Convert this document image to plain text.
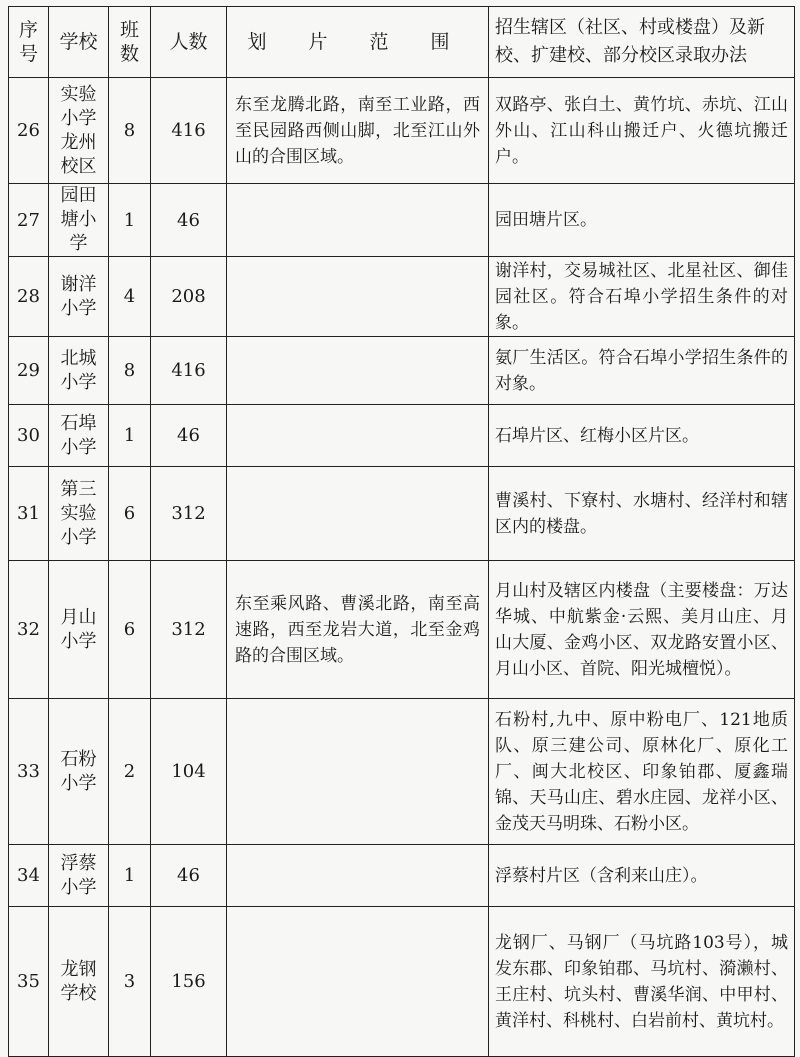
序号	学校	班数	人数	划 片 范 围	招生辖区（社区、村或楼盘）及新校、扩建校、部分校区录取办法
26	实验小学龙州校区	8	416	东至龙腾北路，南至工业路，西至民园路西侧山脚，北至江山外山的合围区域。	双路亭、张白土、黄竹坑、赤坑、江山外山、江山科山搬迁户、火德坑搬迁户。
27	园田塘小学	1	46		园田塘片区。
28	谢洋小学	4	208		谢洋村，交易城社区、北星社区、御佳园社区。符合石埠小学招生条件的对象。
29	北城小学	8	416		氨厂生活区。符合石埠小学招生条件的对象。
30	石埠小学	1	46		石埠片区、红梅小区片区。
31	第三实验小学	6	312		曹溪村、下寮村、水塘村、经洋村和辖区内的楼盘。
32	月山小学	6	312	东至乘风路、曹溪北路，南至高速路，西至龙岩大道，北至金鸡路的合围区域。	月山村及辖区内楼盘（主要楼盘：万达华城、中航紫金·云熙、美月山庄、月山大厦、金鸡小区、双龙路安置小区、月山小区、首院、阳光城檀悦）。
33	石粉小学	2	104		石粉村,九中、原中粉电厂、121地质队、原三建公司、原林化厂、原化工厂、闽大北校区、印象铂郡、厦鑫瑞锦、天马山庄、碧水庄园、龙祥小区、金茂天马明珠、石粉小区。
34	浮蔡小学	1	46		浮蔡村片区（含利来山庄）。
35	龙钢学校	3	156		龙钢厂、马钢厂（马坑路103号），城发东郡、印象铂郡、马坑村、漪濑村、王庄村、坑头村、曹溪华润、中甲村、黄洋村、科桃村、白岩前村、黄坑村。
